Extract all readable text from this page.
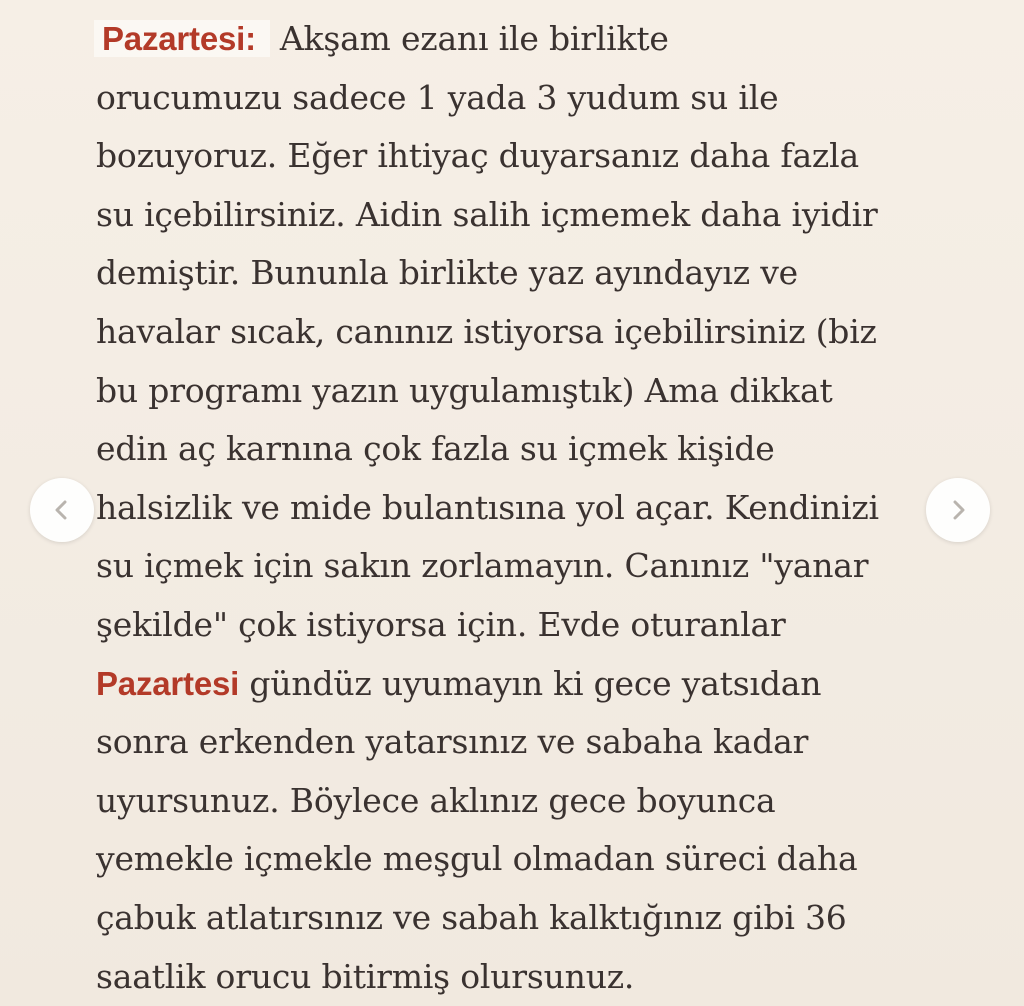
Pazartesi: Akşam ezanı ile birlikte
orucumuzu sadece 1 yada 3 yudum su ile
bozuyoruz. Eğer ihtiyaç duyarsanız daha fazla
su içebilirsiniz. Aidin salih içmemek daha iyidir
demiştir. Bununla birlikte yaz ayındayız ve
havalar sıcak, canınız istiyorsa içebilirsiniz (biz
bu programı yazın uygulamıştık) Ama dikkat
edin aç karnına çok fazla su içmek kişide
halsizlik ve mide bulantısına yol açar. Kendinizi
su içmek için sakın zorlamayın. Canınız "yanar
şekilde" çok istiyorsa için. Evde oturanlar
Pazartesi gündüz uyumayın ki gece yatsıdan
sonra erkenden yatarsınız ve sabaha kadar
uyursunuz. Böylece aklınız gece boyunca
yemekle içmekle meşgul olmadan süreci daha
çabuk atlatırsınız ve sabah kalktığınız gibi 36
saatlik orucu bitirmiş olursunuz.
